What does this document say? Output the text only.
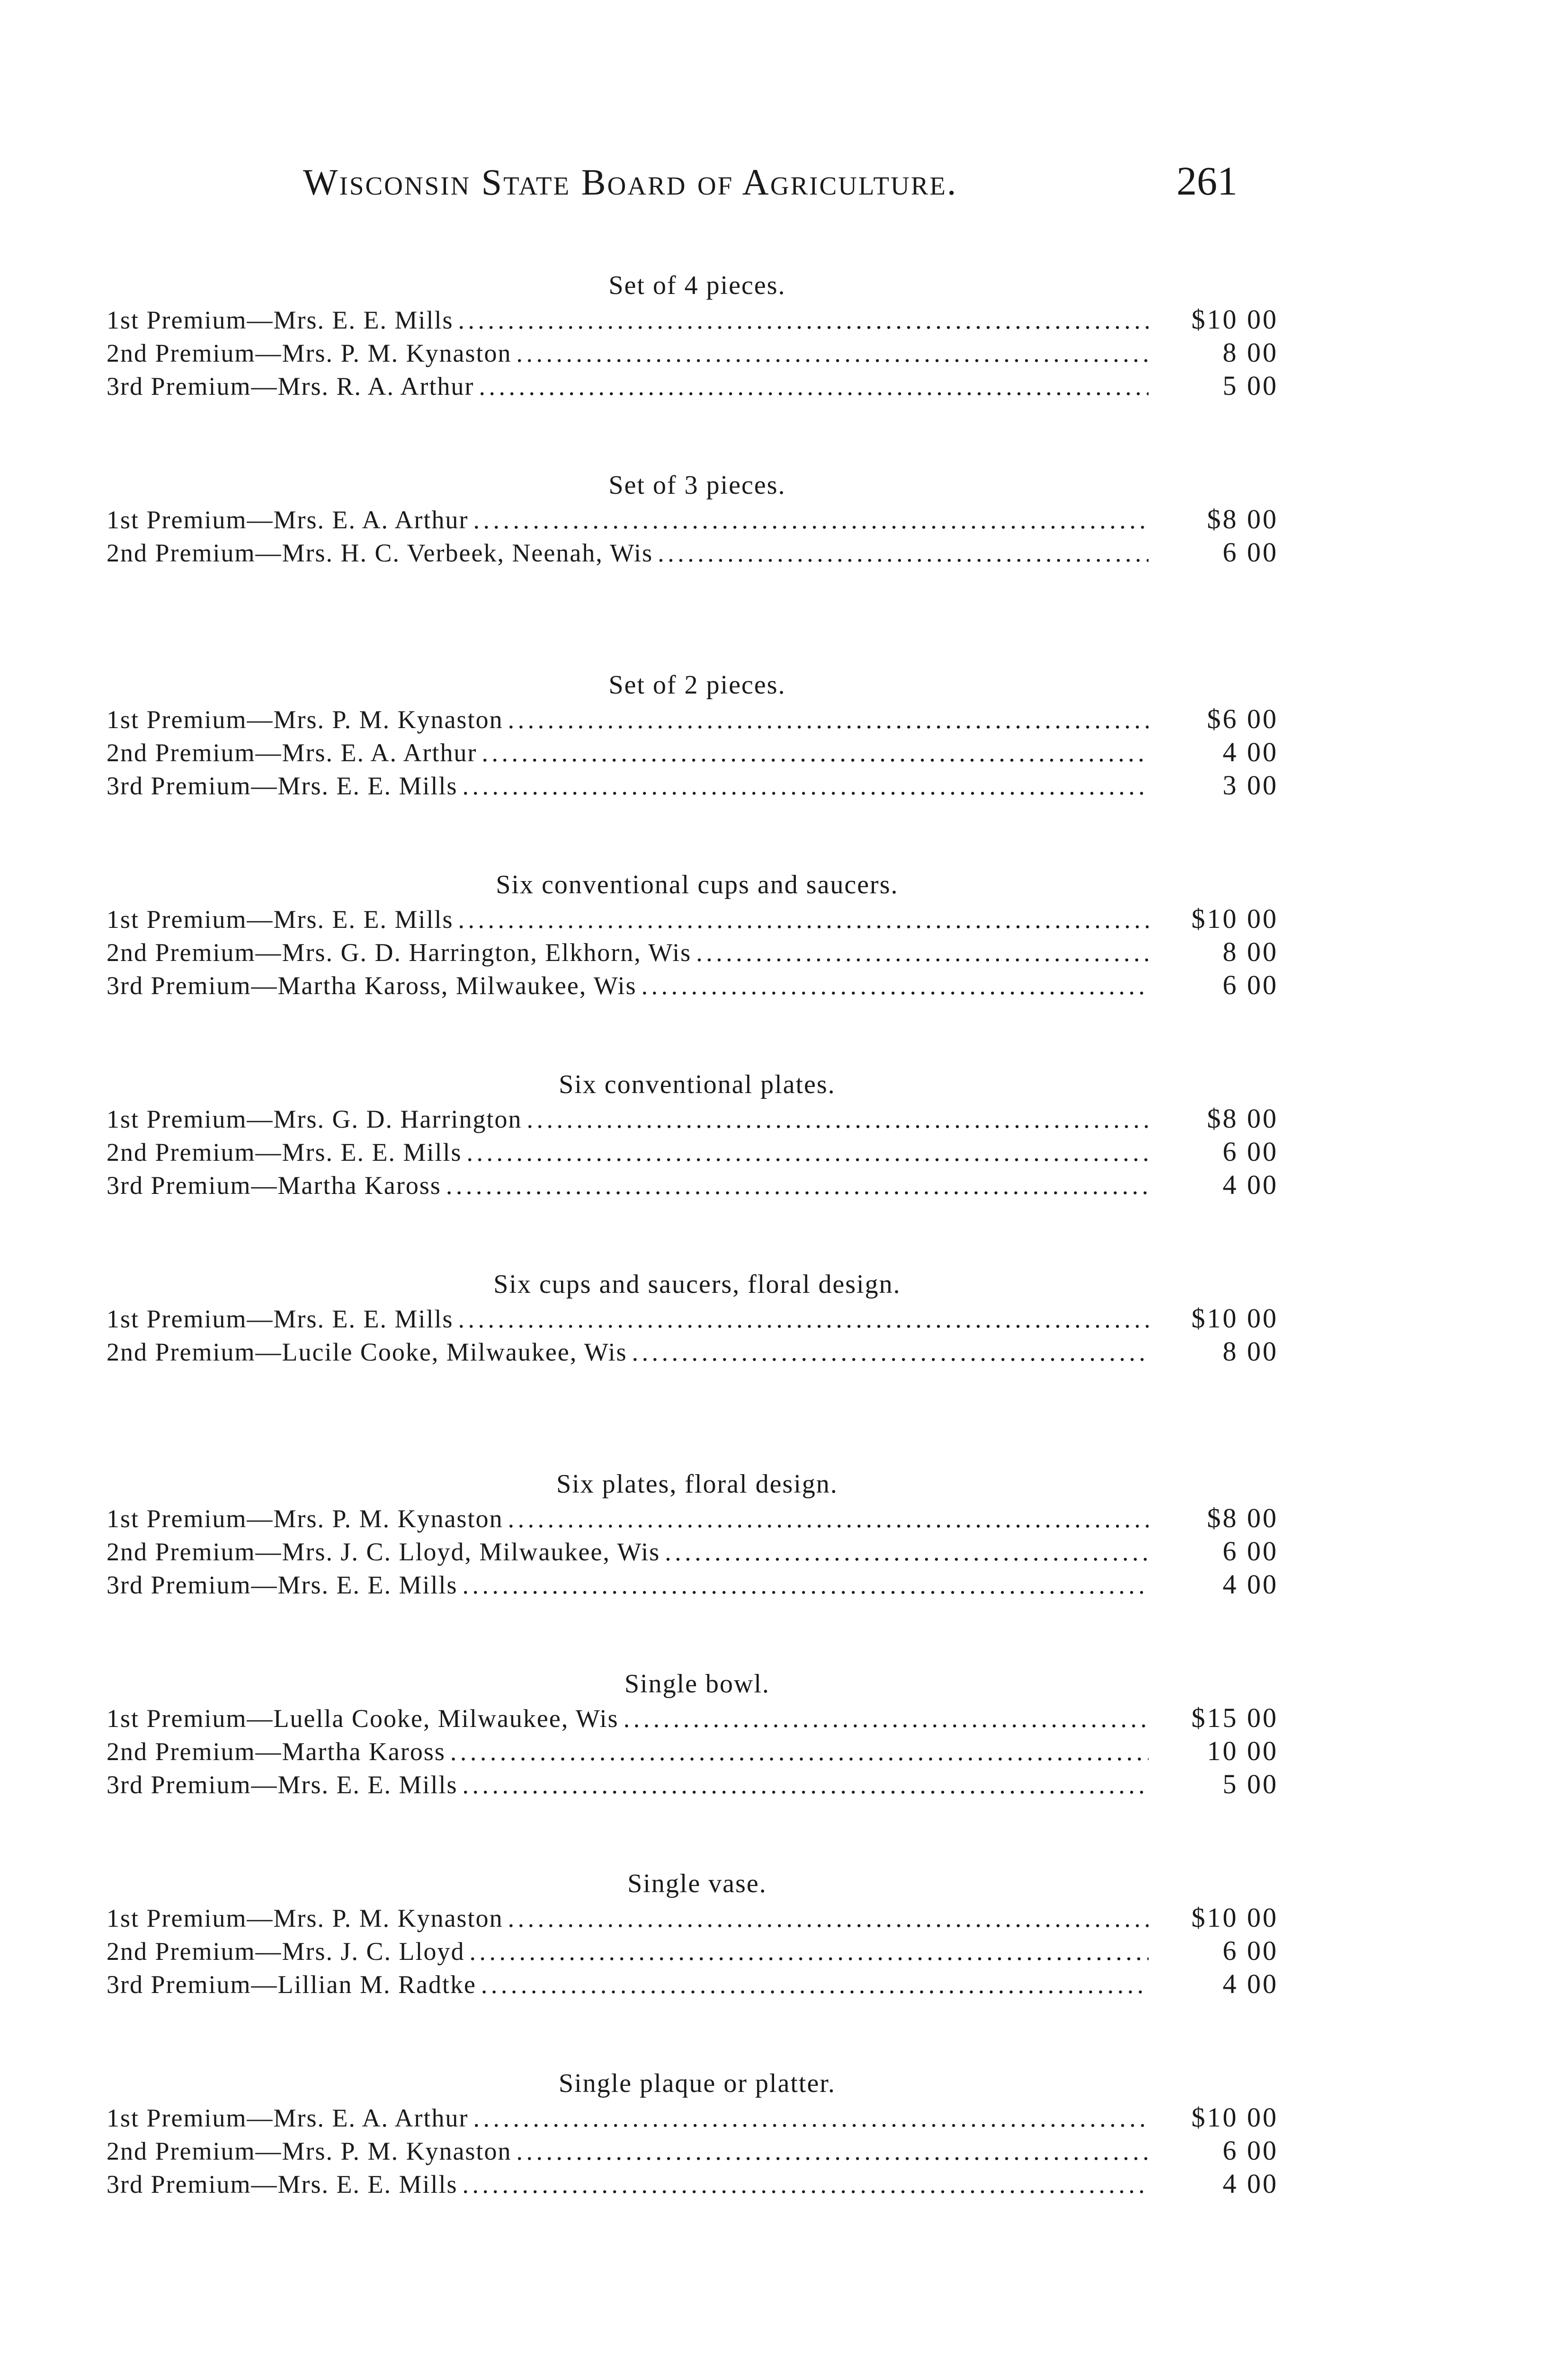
Wisconsin State Board of Agriculture.	261
Set of 4 pieces.
1st Premium—Mrs. E. E. Mills . . .	$10 00
2nd Premium—Mrs. P. M. Kynaston . . .	8 00
3rd Premium—Mrs. R. A. Arthur . . .	5 00
Set of 3 pieces.
1st Premium—Mrs. E. A. Arthur . . .	$8 00
2nd Premium—Mrs. H. C. Verbeek, Neenah, Wis . . .	6 00
Set of 2 pieces.
1st Premium—Mrs. P. M. Kynaston . . .	$6 00
2nd Premium—Mrs. E. A. Arthur . . .	4 00
3rd Premium—Mrs. E. E. Mills . . .	3 00
Six conventional cups and saucers.
1st Premium—Mrs. E. E. Mills . . .	$10 00
2nd Premium—Mrs. G. D. Harrington, Elkhorn, Wis . . .	8 00
3rd Premium—Martha Kaross, Milwaukee, Wis . . .	6 00
Six conventional plates.
1st Premium—Mrs. G. D. Harrington . . .	$8 00
2nd Premium—Mrs. E. E. Mills . . .	6 00
3rd Premium—Martha Kaross . . .	4 00
Six cups and saucers, floral design.
1st Premium—Mrs. E. E. Mills . . .	$10 00
2nd Premium—Lucile Cooke, Milwaukee, Wis . . .	8 00
Six plates, floral design.
1st Premium—Mrs. P. M. Kynaston . . .	$8 00
2nd Premium—Mrs. J. C. Lloyd, Milwaukee, Wis . . .	6 00
3rd Premium—Mrs. E. E. Mills . . .	4 00
Single bowl.
1st Premium—Luella Cooke, Milwaukee, Wis . . .	$15 00
2nd Premium—Martha Kaross . . .	10 00
3rd Premium—Mrs. E. E. Mills . . .	5 00
Single vase.
1st Premium—Mrs. P. M. Kynaston . . .	$10 00
2nd Premium—Mrs. J. C. Lloyd . . .	6 00
3rd Premium—Lillian M. Radtke . . .	4 00
Single plaque or platter.
1st Premium—Mrs. E. A. Arthur . . .	$10 00
2nd Premium—Mrs. P. M. Kynaston . . .	6 00
3rd Premium—Mrs. E. E. Mills . . .	4 00
